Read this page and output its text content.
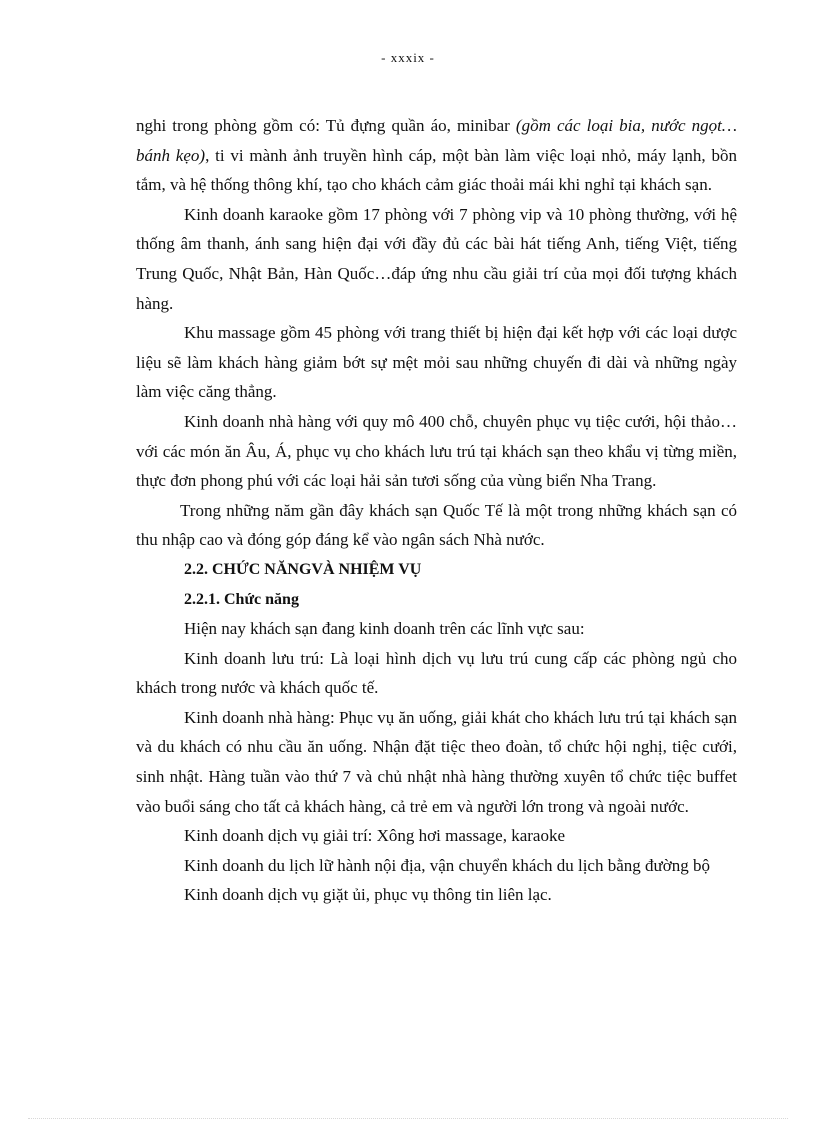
- xxxix -

nghi trong phòng gồm có: Tủ đựng quần áo, minibar (gồm các loại bia, nước ngọt…bánh kẹo), ti vi mành ảnh truyền hình cáp, một bàn làm việc loại nhỏ, máy lạnh, bồn tắm, và hệ thống thông khí, tạo cho khách cảm giác thoải mái khi nghỉ tại khách sạn.

Kinh doanh karaoke gồm 17 phòng với 7 phòng vip và 10 phòng thường, với hệ thống âm thanh, ánh sang hiện đại với đầy đủ các bài hát tiếng Anh, tiếng Việt, tiếng Trung Quốc, Nhật Bản, Hàn Quốc…đáp ứng nhu cầu giải trí của mọi đối tượng khách hàng.

Khu massage gồm 45 phòng với trang thiết bị hiện đại kết hợp với các loại dược liệu sẽ làm khách hàng giảm bớt sự mệt mỏi sau những chuyến đi dài và những ngày làm việc căng thẳng.

Kinh doanh nhà hàng với quy mô 400 chỗ, chuyên phục vụ tiệc cưới, hội thảo… với các món ăn Âu, Á, phục vụ cho khách lưu trú tại khách sạn theo khẩu vị từng miền, thực đơn phong phú với các loại hải sản tươi sống của vùng biển Nha Trang.

Trong những năm gần đây khách sạn Quốc Tế là một trong những khách sạn có thu nhập cao và đóng góp đáng kể vào ngân sách Nhà nước.

2.2. CHỨC NĂNGVÀ NHIỆM VỤ

2.2.1. Chức năng

Hiện nay khách sạn đang kinh doanh trên các lĩnh vực sau:

Kinh doanh lưu trú: Là loại hình dịch vụ lưu trú cung cấp các phòng ngủ cho khách trong nước và khách quốc tế.

Kinh doanh nhà hàng: Phục vụ ăn uống, giải khát cho khách lưu trú tại khách sạn và du khách có nhu cầu ăn uống. Nhận đặt tiệc theo đoàn, tổ chức hội nghị, tiệc cưới, sinh nhật. Hàng tuần vào thứ 7 và chủ nhật nhà hàng thường xuyên tổ chức tiệc buffet vào buổi sáng cho tất cả khách hàng, cả trẻ em và người lớn trong và ngoài nước.

Kinh doanh dịch vụ giải trí: Xông hơi massage, karaoke

Kinh doanh du lịch lữ hành nội địa, vận chuyển khách du lịch bằng đường bộ

Kinh doanh dịch vụ giặt ủi, phục vụ thông tin liên lạc.
